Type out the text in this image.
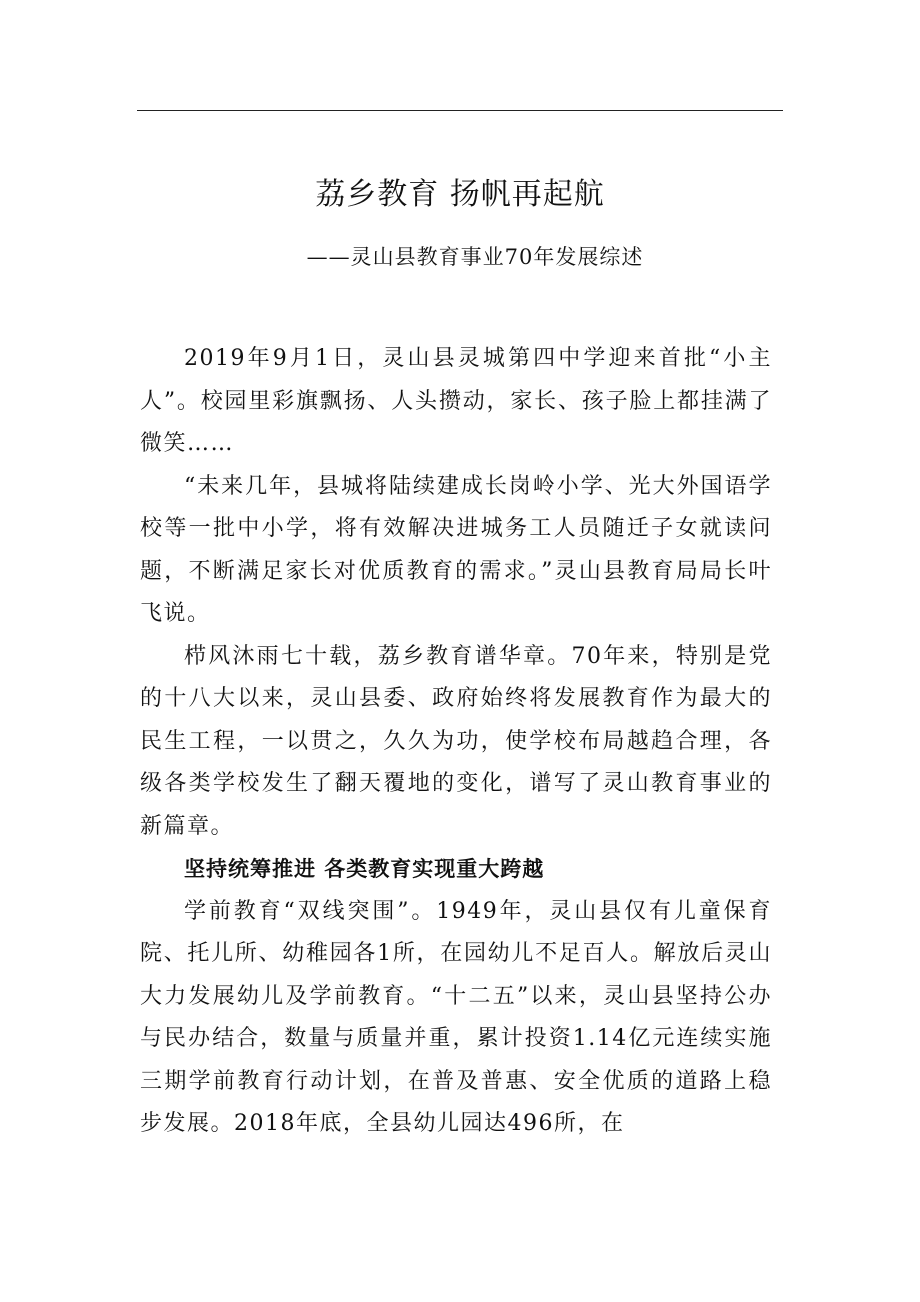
荔乡教育 扬帆再起航
——灵山县教育事业70年发展综述

2019年9月1日，灵山县灵城第四中学迎来首批“小主人”。校园里彩旗飘扬、人头攒动，家长、孩子脸上都挂满了微笑……

“未来几年，县城将陆续建成长岗岭小学、光大外国语学校等一批中小学，将有效解决进城务工人员随迁子女就读问题，不断满足家长对优质教育的需求。”灵山县教育局局长叶飞说。

栉风沐雨七十载，荔乡教育谱华章。70年来，特别是党的十八大以来，灵山县委、政府始终将发展教育作为最大的民生工程，一以贯之，久久为功，使学校布局越趋合理，各级各类学校发生了翻天覆地的变化，谱写了灵山教育事业的新篇章。

坚持统筹推进 各类教育实现重大跨越

学前教育“双线突围”。1949年，灵山县仅有儿童保育院、托儿所、幼稚园各1所，在园幼儿不足百人。解放后灵山大力发展幼儿及学前教育。“十二五”以来，灵山县坚持公办与民办结合，数量与质量并重，累计投资1.14亿元连续实施三期学前教育行动计划，在普及普惠、安全优质的道路上稳步发展。2018年底，全县幼儿园达496所，在
